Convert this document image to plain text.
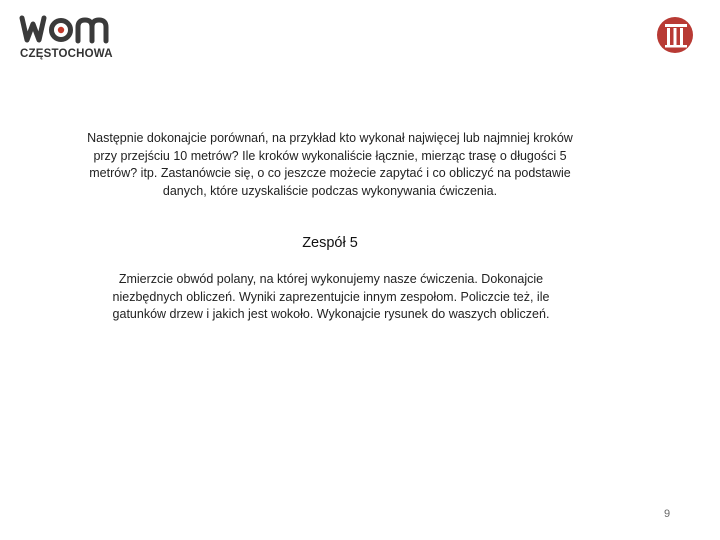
CZĘSTOCHOWA
Następnie dokonajcie porównań, na przykład kto wykonał najwięcej lub najmniej kroków przy przejściu 10 metrów? Ile kroków wykonaliście łącznie, mierząc trasę o długości 5 metrów? itp. Zastanówcie się, o co jeszcze możecie zapytać i co obliczyć na podstawie danych, które uzyskaliście podczas wykonywania ćwiczenia.
Zespół 5
Zmierzcie obwód polany, na której wykonujemy nasze ćwiczenia. Dokonajcie niezbędnych obliczeń. Wyniki zaprezentujcie innym zespołom. Policzcie też, ile gatunków drzew i jakich jest wokoło. Wykonajcie rysunek do waszych obliczeń.
9
